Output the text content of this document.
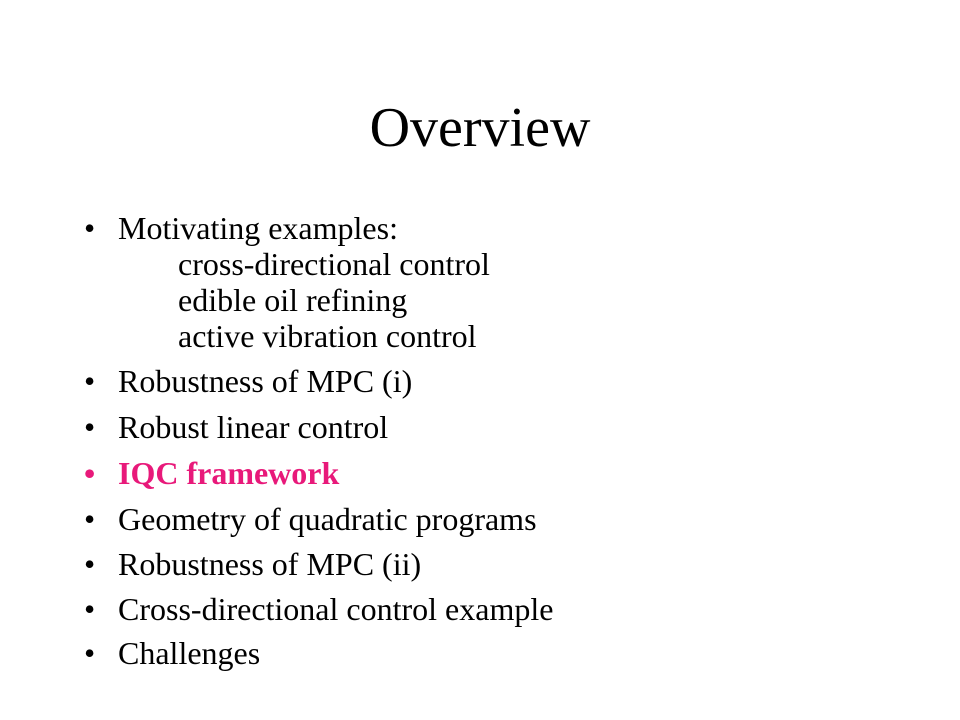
Overview
• Motivating examples:
cross-directional control
edible oil refining
active vibration control
• Robustness of MPC (i)
• Robust linear control
• IQC framework
• Geometry of quadratic programs
• Robustness of MPC (ii)
• Cross-directional control example
• Challenges
